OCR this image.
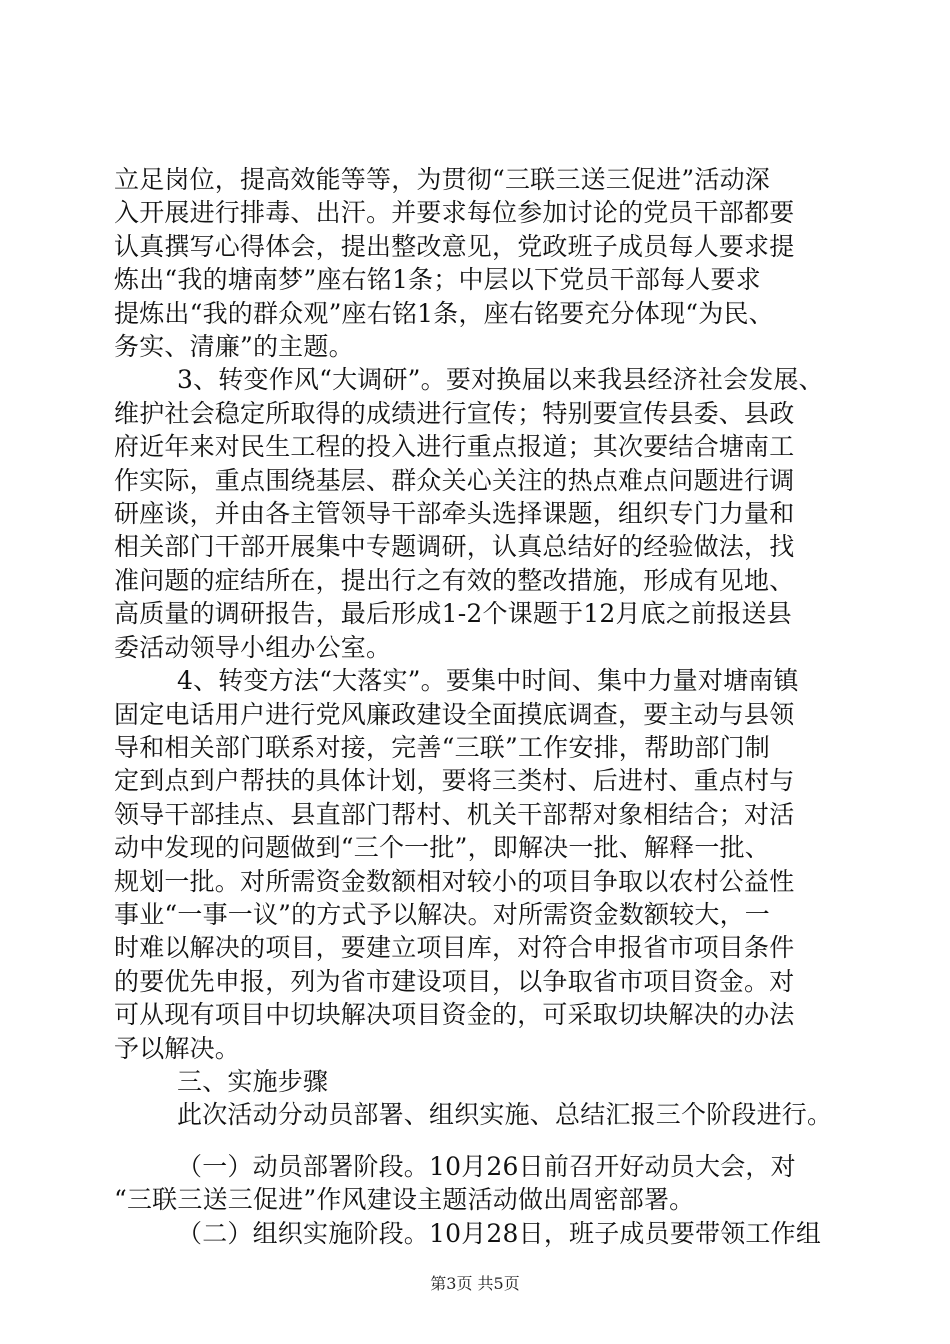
立足岗位，提高效能等等，为贯彻“三联三送三促进”活动深
入开展进行排毒、出汗。并要求每位参加讨论的党员干部都要
认真撰写心得体会，提出整改意见，党政班子成员每人要求提
炼出“我的塘南梦”座右铭1条；中层以下党员干部每人要求
提炼出“我的群众观”座右铭1条，座右铭要充分体现“为民、
务实、清廉”的主题。
3、转变作风“大调研”。要对换届以来我县经济社会发展、
维护社会稳定所取得的成绩进行宣传；特别要宣传县委、县政
府近年来对民生工程的投入进行重点报道；其次要结合塘南工
作实际，重点围绕基层、群众关心关注的热点难点问题进行调
研座谈，并由各主管领导干部牵头选择课题，组织专门力量和
相关部门干部开展集中专题调研，认真总结好的经验做法，找
准问题的症结所在，提出行之有效的整改措施，形成有见地、
高质量的调研报告，最后形成1-2个课题于12月底之前报送县
委活动领导小组办公室。
4、转变方法“大落实”。要集中时间、集中力量对塘南镇
固定电话用户进行党风廉政建设全面摸底调查，要主动与县领
导和相关部门联系对接，完善“三联”工作安排，帮助部门制
定到点到户帮扶的具体计划，要将三类村、后进村、重点村与
领导干部挂点、县直部门帮村、机关干部帮对象相结合；对活
动中发现的问题做到“三个一批”，即解决一批、解释一批、
规划一批。对所需资金数额相对较小的项目争取以农村公益性
事业“一事一议”的方式予以解决。对所需资金数额较大，一
时难以解决的项目，要建立项目库，对符合申报省市项目条件
的要优先申报，列为省市建设项目，以争取省市项目资金。对
可从现有项目中切块解决项目资金的，可采取切块解决的办法
予以解决。
三、实施步骤
此次活动分动员部署、组织实施、总结汇报三个阶段进行。
（一）动员部署阶段。10月26日前召开好动员大会，对
“三联三送三促进”作风建设主题活动做出周密部署。
（二）组织实施阶段。10月28日，班子成员要带领工作组
第3页 共5页
